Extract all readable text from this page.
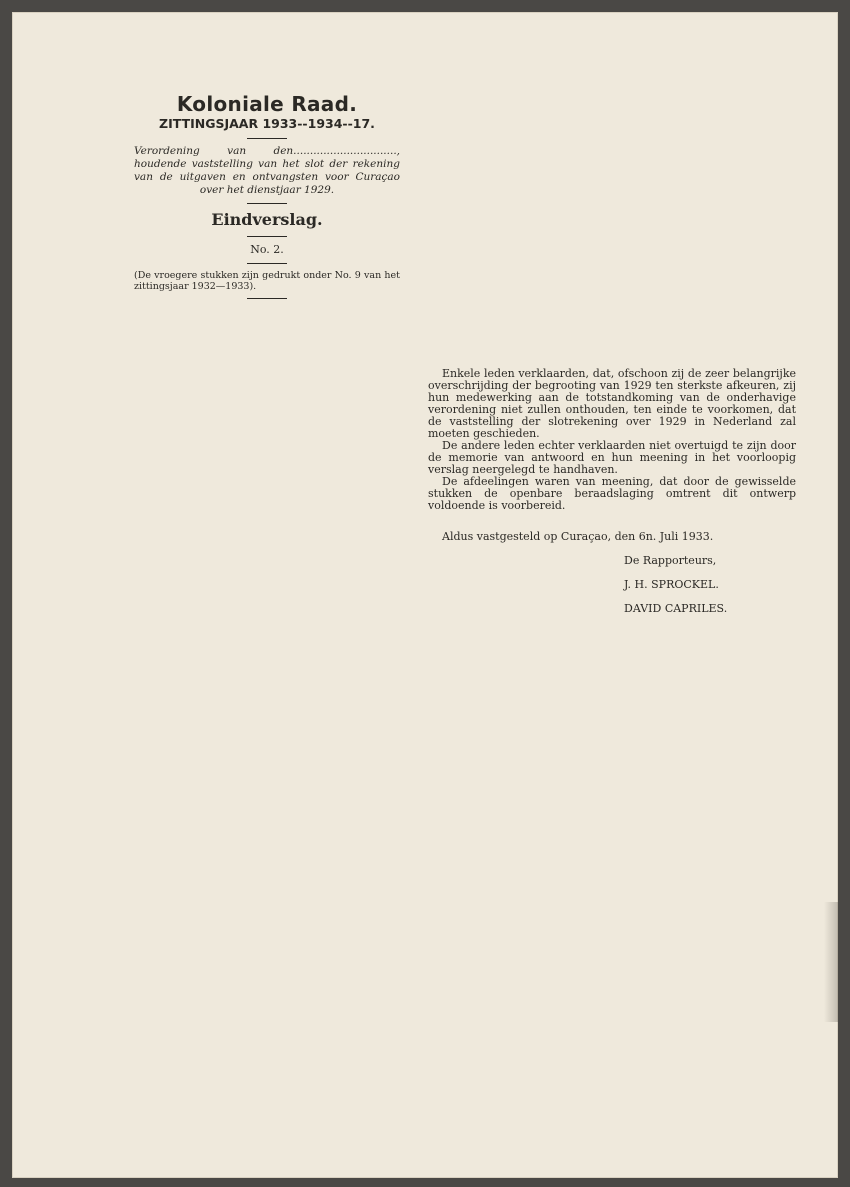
Koloniale Raad.

ZITTINGSJAAR 1933--1934--17.

Verordening van den..............................., houdende vaststelling van het slot der rekening van de uitgaven en ontvangsten voor Curaçao over het dienstjaar 1929.

Eindverslag.

No. 2.

(De vroegere stukken zijn gedrukt onder No. 9 van het zittingsjaar 1932—1933).

Enkele leden verklaarden, dat, ofschoon zij de zeer belangrijke overschrijding der begrooting van 1929 ten sterkste afkeuren, zij hun medewerking aan de totstandkoming van de onderhavige verordening niet zullen onthouden, ten einde te voorkomen, dat de vaststelling der slotrekening over 1929 in Nederland zal moeten geschieden.

De andere leden echter verklaarden niet overtuigd te zijn door de memorie van antwoord en hun meening in het voorloopig verslag neergelegd te handhaven.

De afdeelingen waren van meening, dat door de gewisselde stukken de openbare beraadslaging omtrent dit ontwerp voldoende is voorbereid.

Aldus vastgesteld op Curaçao, den 6n. Juli 1933.

De Rapporteurs,

J. H. SPROCKEL.

DAVID CAPRILES.
